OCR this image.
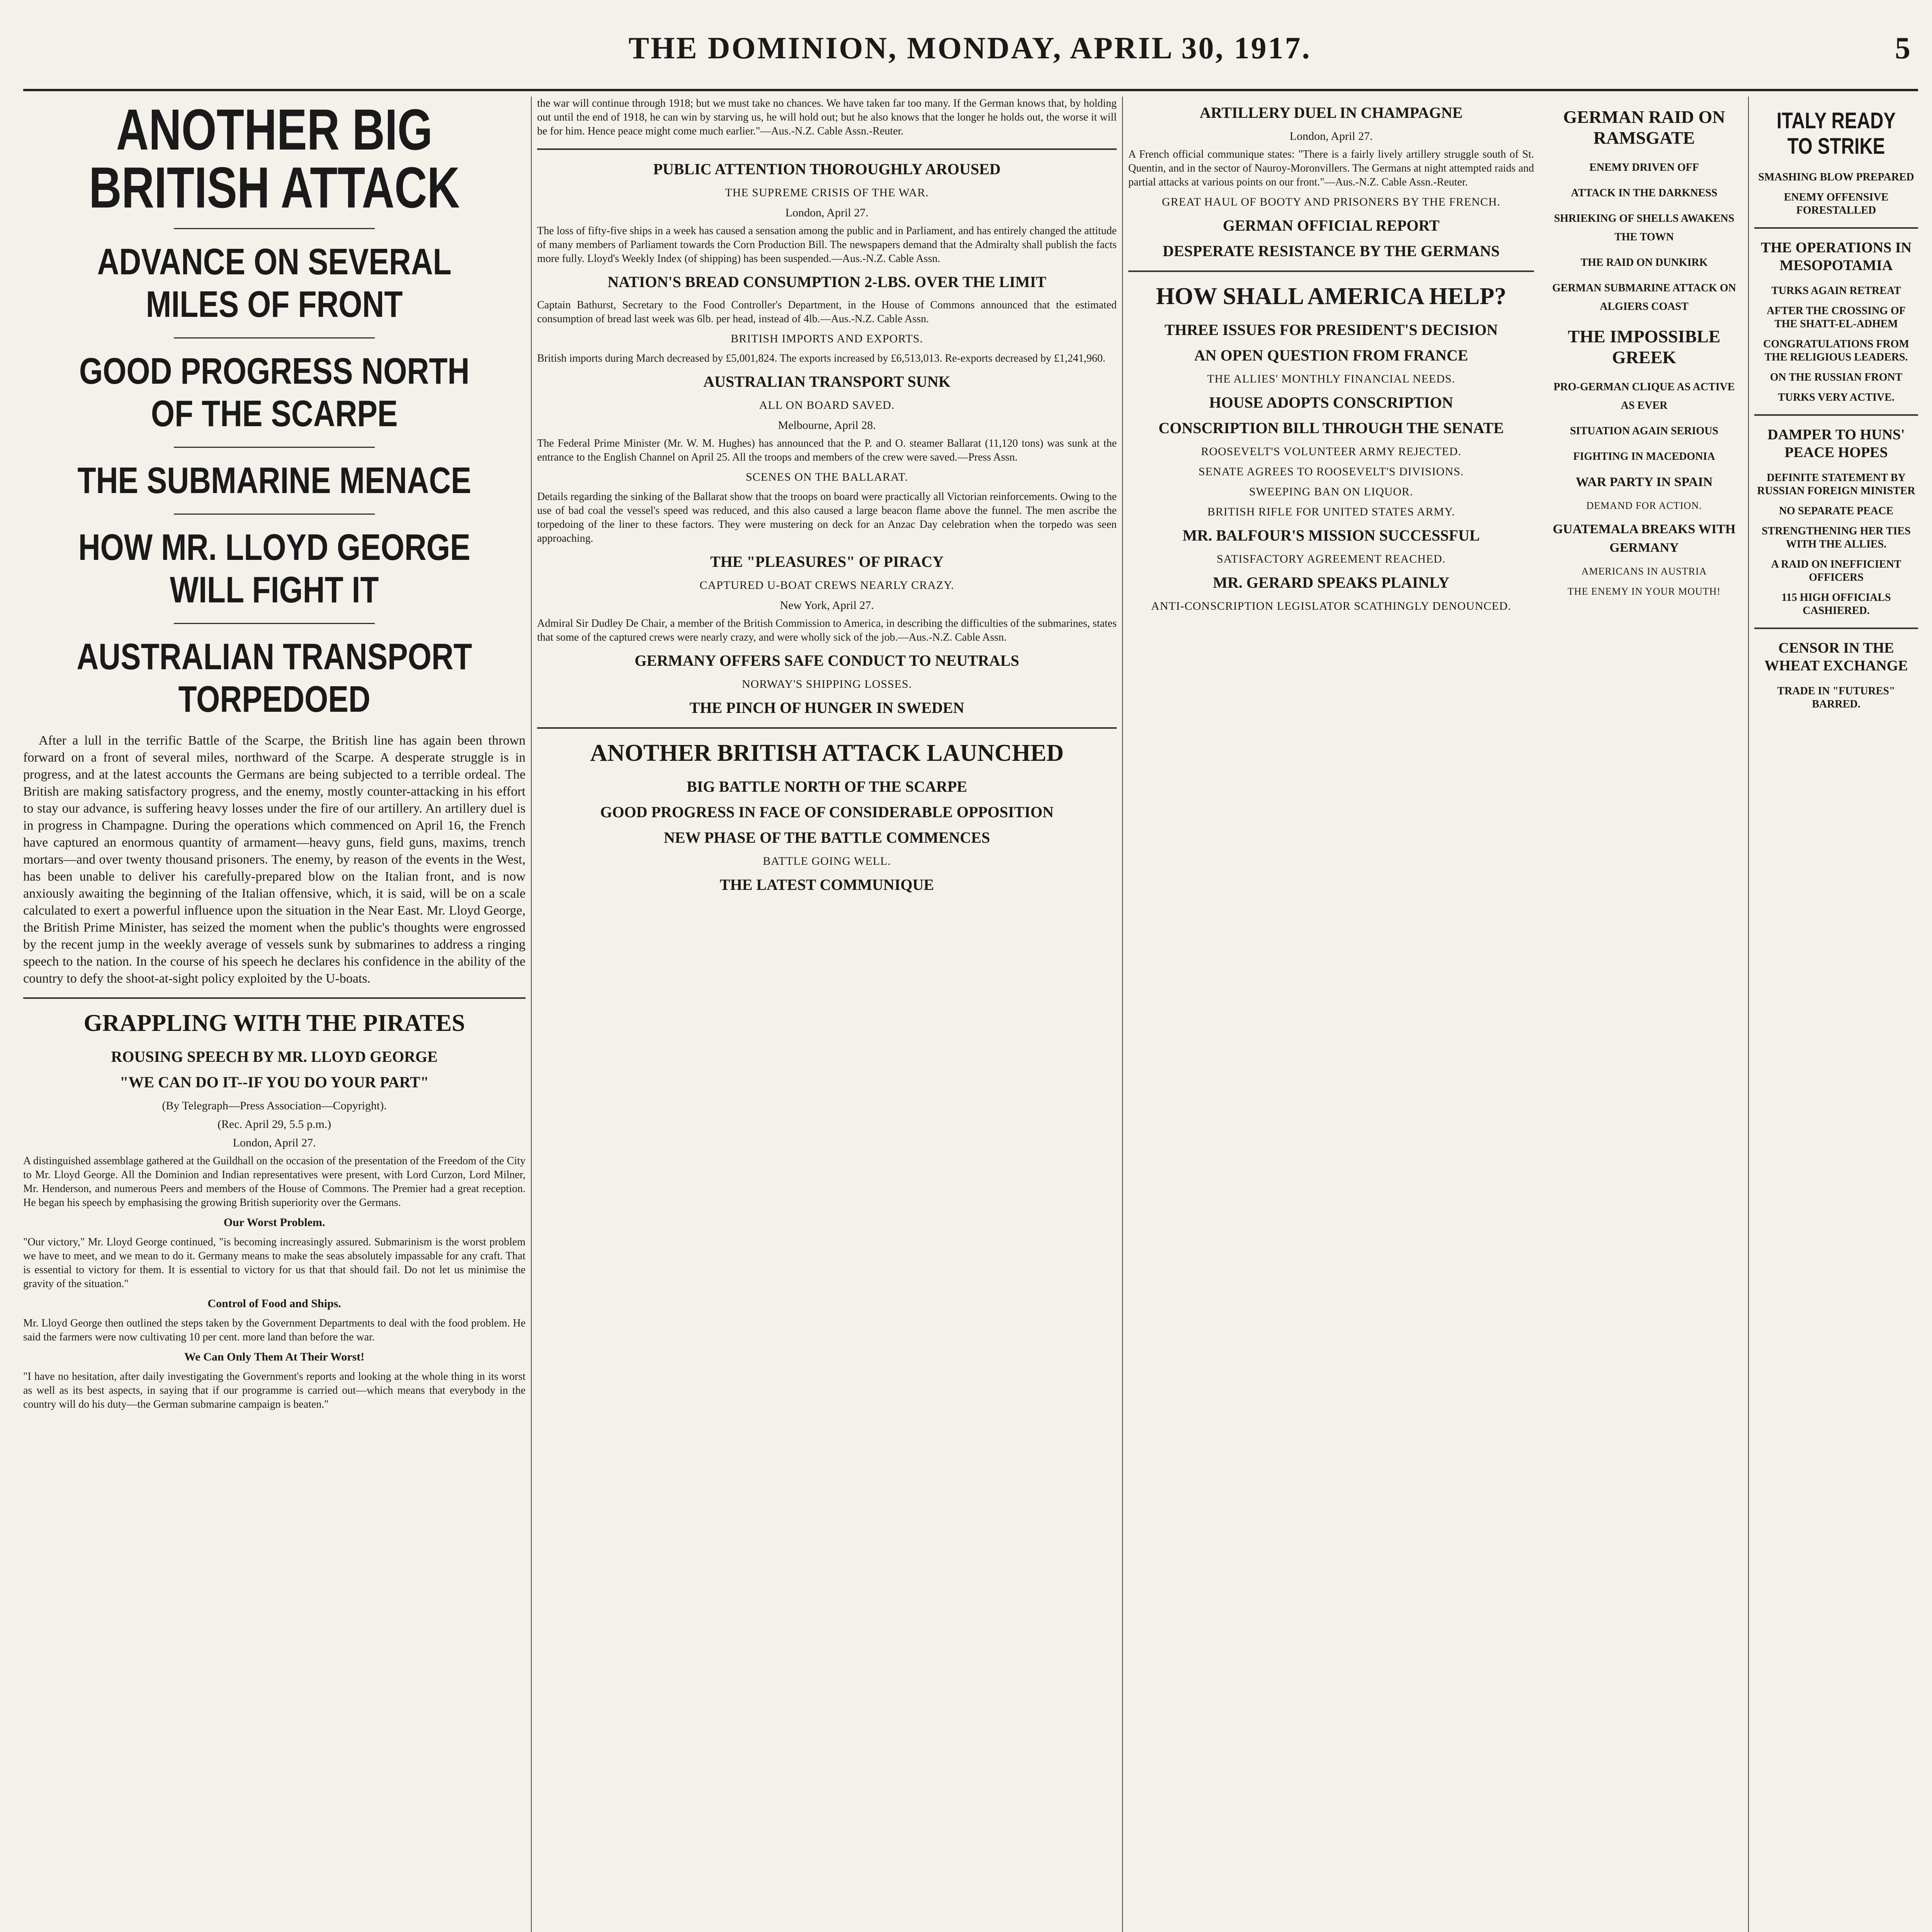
THE DOMINION, MONDAY, APRIL 30, 1917.	5
ANOTHER BIG BRITISH ATTACK
ADVANCE ON SEVERAL MILES OF FRONT
GOOD PROGRESS NORTH OF THE SCARPE
THE SUBMARINE MENACE
HOW MR. LLOYD GEORGE WILL FIGHT IT
AUSTRALIAN TRANSPORT TORPEDOED

After a lull in the terrific Battle of the Scarpe, the British line has again been thrown forward on a front of several miles, northward of the Scarpe. A desperate struggle is in progress, and at the latest accounts the Germans are being subjected to a terrible ordeal. The British are making satisfactory progress, and the enemy, mostly counter-attacking in his effort to stay our advance, is suffering heavy losses under the fire of our artillery. An artillery duel is in progress in Champagne. During the operations which commenced on April 16, the French have captured an enormous quantity of armament—heavy guns, field guns, maxims, trench mortars—and over twenty thousand prisoners. The enemy, by reason of the events in the West, has been unable to deliver his carefully-prepared blow on the Italian front, and is now anxiously awaiting the beginning of the Italian offensive, which, it is said, will be on a scale calculated to exert a powerful influence upon the situation in the Near East. Mr. Lloyd George, the British Prime Minister, has seized the moment when the public's thoughts were engrossed by the recent jump in the weekly average of vessels sunk by submarines to address a ringing speech to the nation. In the course of his speech he declares his confidence in the ability of the country to defy the shoot-at-sight policy exploited by the U-boats.

GRAPPLING WITH THE PIRATES
ROUSING SPEECH BY MR. LLOYD GEORGE
"WE CAN DO IT--IF YOU DO YOUR PART"
(By Telegraph—Press Association—Copyright).
(Rec. April 29, 5.5 p.m.)
London, April 27.

A distinguished assemblage gathered at the Guildhall on the occasion of the presentation of the Freedom of the City to Mr. Lloyd George. All the Dominion and Indian representatives were present, with Lord Curzon, Lord Milner, Mr. Henderson, and numerous Peers and members of the House of Commons. The Premier had a great reception. He began his speech by emphasising the growing British superiority over the Germans.

Our Worst Problem.

"Our victory," Mr. Lloyd George continued, "is becoming increasingly assured. Submarinism is the worst problem we have to meet, and we mean to do it. Germany means to make the seas absolutely impassable for any craft. That is essential to victory for them. It is essential to victory for us that that should fail. Do not let us minimise the gravity of the situation."

Control of Food and Ships.

Mr. Lloyd George then outlined the steps taken by the Government Departments to deal with the food problem. He said the farmers were now cultivating 10 per cent. more land than before the war.

We Can Only Them At Their Worst!

"I have no hesitation, after daily investigating the Government's reports and looking at the whole thing in its worst as well as its best aspects, in saying that if our programme is carried out—which means that everybody in the country will do his duty—the German submarine campaign is beaten."

the war will continue through 1918; but we must take no chances. We have taken far too many. If the German knows that, by holding out until the end of 1918, he can win by starving us, he will hold out; but he also knows that the longer he holds out, the worse it will be for him. Hence peace might come much earlier."—Aus.-N.Z. Cable Assn.-Reuter.

PUBLIC ATTENTION THOROUGHLY AROUSED
THE SUPREME CRISIS OF THE WAR.
London, April 27.

The loss of fifty-five ships in a week has caused a sensation among the public and in Parliament, and has entirely changed the attitude of many members of Parliament towards the Corn Production Bill. The newspapers demand that the Admiralty shall publish the facts more fully. Lloyd's Weekly Index (of shipping) has been suspended.—Aus.-N.Z. Cable Assn.

NATION'S BREAD CONSUMPTION 2-LBS. OVER THE LIMIT

Captain Bathurst, Secretary to the Food Controller's Department, in the House of Commons announced that the estimated consumption of bread last week was 6lb. per head, instead of 4lb.—Aus.-N.Z. Cable Assn.

BRITISH IMPORTS AND EXPORTS.

British imports during March decreased by £5,001,824. The exports increased by £6,513,013. Re-exports decreased by £1,241,960.

AUSTRALIAN TRANSPORT SUNK
ALL ON BOARD SAVED.
Melbourne, April 28.

The Federal Prime Minister (Mr. W. M. Hughes) has announced that the P. and O. steamer Ballarat (11,120 tons) was sunk at the entrance to the English Channel on April 25. All the troops and members of the crew were saved.—Press Assn.

SCENES ON THE BALLARAT.

Details regarding the sinking of the Ballarat show that the troops on board were practically all Victorian reinforcements. Owing to the use of bad coal the vessel's speed was reduced, and this also caused a large beacon flame above the funnel. The men ascribe the torpedoing of the liner to these factors. They were mustering on deck for an Anzac Day celebration when the torpedo was seen approaching.

THE "PLEASURES" OF PIRACY
CAPTURED U-BOAT CREWS NEARLY CRAZY.
New York, April 27.

Admiral Sir Dudley De Chair, a member of the British Commission to America, in describing the difficulties of the submarines, states that some of the captured crews were nearly crazy, and were wholly sick of the job.—Aus.-N.Z. Cable Assn.

GERMANY OFFERS SAFE CONDUCT TO NEUTRALS
NORWAY'S SHIPPING LOSSES.
THE PINCH OF HUNGER IN SWEDEN
ANOTHER BRITISH ATTACK LAUNCHED
BIG BATTLE NORTH OF THE SCARPE
GOOD PROGRESS IN FACE OF CONSIDERABLE OPPOSITION
NEW PHASE OF THE BATTLE COMMENCES
BATTLE GOING WELL.
THE LATEST COMMUNIQUE
ARTILLERY DUEL IN CHAMPAGNE
London, April 27.

A French official communique states: "There is a fairly lively artillery struggle south of St. Quentin, and in the sector of Nauroy-Moronvillers. The Germans at night attempted raids and partial attacks at various points on our front."—Aus.-N.Z. Cable Assn.-Reuter.

GREAT HAUL OF BOOTY AND PRISONERS BY THE FRENCH.
GERMAN OFFICIAL REPORT
DESPERATE RESISTANCE BY THE GERMANS
HOW SHALL AMERICA HELP?
THREE ISSUES FOR PRESIDENT'S DECISION
AN OPEN QUESTION FROM FRANCE
THE ALLIES' MONTHLY FINANCIAL NEEDS.
HOUSE ADOPTS CONSCRIPTION
CONSCRIPTION BILL THROUGH THE SENATE
ROOSEVELT'S VOLUNTEER ARMY REJECTED.
SENATE AGREES TO ROOSEVELT'S DIVISIONS.
SWEEPING BAN ON LIQUOR.
BRITISH RIFLE FOR UNITED STATES ARMY.
MR. BALFOUR'S MISSION SUCCESSFUL
SATISFACTORY AGREEMENT REACHED.
MR. GERARD SPEAKS PLAINLY
ANTI-CONSCRIPTION LEGISLATOR SCATHINGLY DENOUNCED.
GERMAN RAID ON RAMSGATE
ENEMY DRIVEN OFF
ATTACK IN THE DARKNESS
SHRIEKING OF SHELLS AWAKENS THE TOWN
THE RAID ON DUNKIRK
GERMAN SUBMARINE ATTACK ON ALGIERS COAST
THE IMPOSSIBLE GREEK
PRO-GERMAN CLIQUE AS ACTIVE AS EVER
SITUATION AGAIN SERIOUS
FIGHTING IN MACEDONIA
WAR PARTY IN SPAIN
DEMAND FOR ACTION.
GUATEMALA BREAKS WITH GERMANY
AMERICANS IN AUSTRIA
THE ENEMY IN YOUR MOUTH!
ITALY READY TO STRIKE
SMASHING BLOW PREPARED
ENEMY OFFENSIVE FORESTALLED
THE OPERATIONS IN MESOPOTAMIA
TURKS AGAIN RETREAT
AFTER THE CROSSING OF THE SHATT-EL-ADHEM
CONGRATULATIONS FROM THE RELIGIOUS LEADERS.
ON THE RUSSIAN FRONT
TURKS VERY ACTIVE.
DAMPER TO HUNS' PEACE HOPES
DEFINITE STATEMENT BY RUSSIAN FOREIGN MINISTER
NO SEPARATE PEACE
STRENGTHENING HER TIES WITH THE ALLIES.
A RAID ON INEFFICIENT OFFICERS
115 HIGH OFFICIALS CASHIERED.
CENSOR IN THE WHEAT EXCHANGE
TRADE IN "FUTURES" BARRED.
